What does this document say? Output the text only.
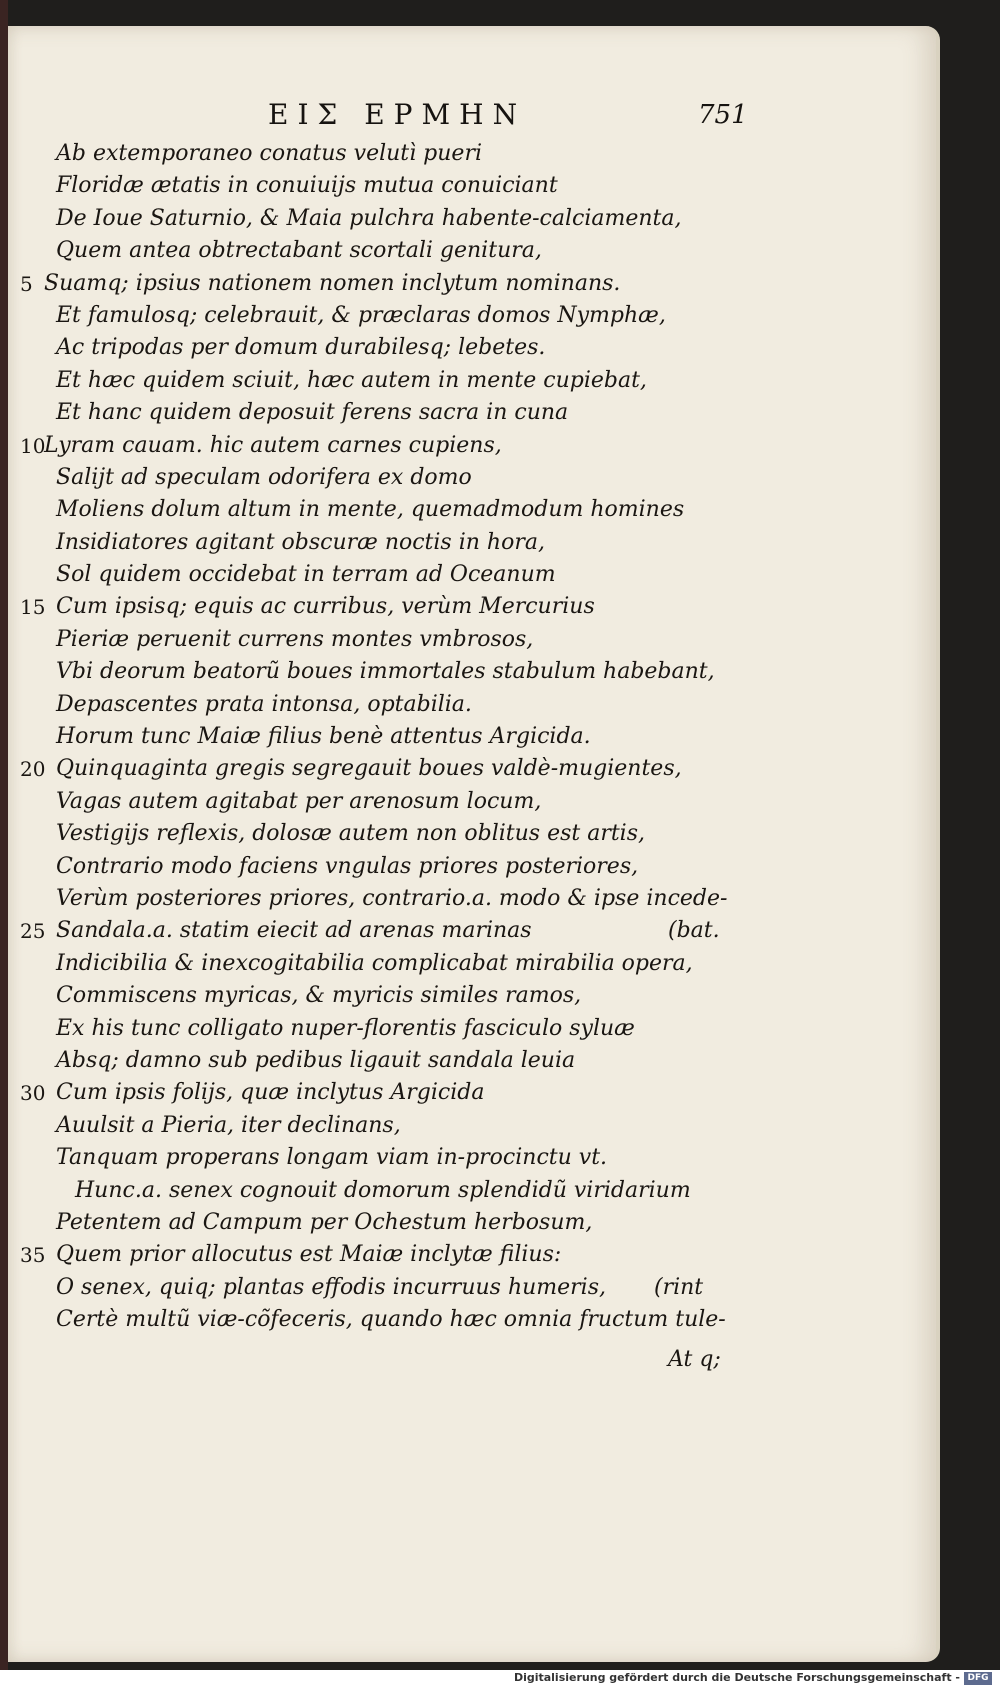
ΕΙΣ ΕΡΜΗΝ	751
Ab extemporaneo conatus velutì pueri
Floridæ ætatis in conuiuijs mutua conuiciant
De Ioue Saturnio, & Maia pulchra habente-calciamenta,
Quem antea obtrectabant scortali genitura,
5 Suamq; ipsius nationem nomen inclytum nominans.
Et famulosq; celebrauit, & præclaras domos Nymphæ,
Ac tripodas per domum durabilesq; lebetes.
Et hæc quidem sciuit, hæc autem in mente cupiebat,
Et hanc quidem deposuit ferens sacra in cuna
10
Lyram cauam. hic autem carnes cupiens,
Saliјt ad speculam odorifera ex domo
Moliens dolum altum in mente, quemadmodum homines
Insidiatores agitant obscuræ noctis in hora,
Sol quidem occidebat in terram ad Oceanum
15 Cum ipsisq; equis ac curribus, verùm Mercurius
Pieriæ peruenit currens montes vmbrosos,
Vbi deorum beatorũ boues immortales stabulum habebant,
Depascentes prata intonsa, optabilia.
Horum tunc Maiæ filius benè attentus Argicida.
20 Quinquaginta gregis segregauit boues valdè-mugientes,
Vagas autem agitabat per arenosum locum,
Vestigijs reflexis, dolosæ autem non oblitus est artis,
Contrario modo faciens vngulas priores posteriores,
Verùm posteriores priores, contrario.a. modo & ipse incede-
25 Sandala.a. statim eiecit ad arenas marinas	(bat.
Indicibilia & inexcogitabilia complicabat mirabilia opera,
Commiscens myricas, & myricis similes ramos,
Ex his tunc colligato nuper-florentis fasciculo syluæ
Absq; damno sub pedibus ligauit sandala leuia
30 Cum ipsis folijs, quæ inclytus Argicida
Auulsit a Pieria, iter declinans,
Tanquam properans longam viam in-procinctu vt.
Hunc.a. senex cognouit domorum splendidũ viridarium
Petentem ad Campum per Ochestum herbosum,
35 Quem prior allocutus est Maiæ inclytæ filius:
O senex, quiq; plantas effodis incurruus humeris, (rint
Certè multũ viæ-cõfeceris, quando hæc omnia fructum tule-
At q;
Digitalisierung gefördert durch die Deutsche Forschungsgemeinschaft - DFG
